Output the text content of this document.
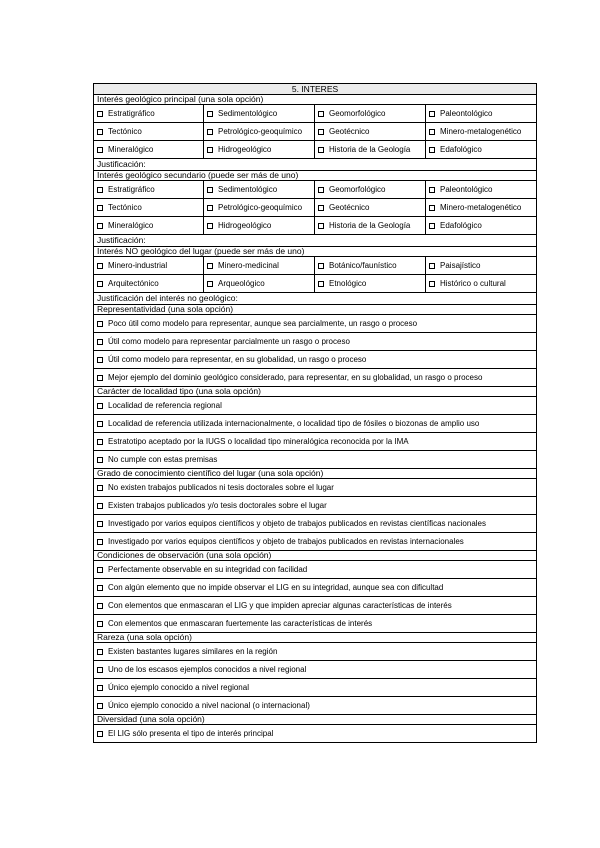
5. INTERES			
Interés geológico principal (una sola opción)			
Estratigráfico	Sedimentológico	Geomorfológico	Paleontológico
Tectónico	Petrológico-geoquímico	Geotécnico	Minero-metalogenético
Mineralógico	Hidrogeológico	Historia de la Geología	Edafológico
Justificación:			
Interés geológico secundario (puede ser más de uno)			
Estratigráfico	Sedimentológico	Geomorfológico	Paleontológico
Tectónico	Petrológico-geoquímico	Geotécnico	Minero-metalogenético
Mineralógico	Hidrogeológico	Historia de la Geología	Edafológico
Justificación:			
Interés NO geológico del lugar (puede ser más de uno)			
Minero-industrial	Minero-medicinal	Botánico/faunístico	Paisajístico
Arquitectónico	Arqueológico	Etnológico	Histórico o cultural
Justificación del interés no geológico:			
Representatividad (una sola opción)			
Poco útil como modelo para representar, aunque sea parcialmente, un rasgo o proceso			
Útil como modelo para representar parcialmente un rasgo o proceso			
Útil como modelo para representar, en su globalidad, un rasgo o proceso			
Mejor ejemplo del dominio geológico considerado, para representar, en su globalidad, un rasgo o proceso			
Carácter de localidad tipo (una sola opción)			
Localidad de referencia regional			
Localidad de referencia utilizada internacionalmente, o localidad tipo de fósiles o biozonas de amplio uso			
Estratotipo aceptado por la IUGS o localidad tipo mineralógica reconocida por la IMA			
No cumple con estas premisas			
Grado de conocimiento científico del lugar (una sola opción)			
No existen trabajos publicados ni tesis doctorales sobre el lugar			
Existen trabajos publicados y/o tesis doctorales sobre el lugar			
Investigado por varios equipos científicos y objeto de trabajos publicados en revistas científicas nacionales			
Investigado por varios equipos científicos y objeto de trabajos publicados en revistas internacionales			
Condiciones de observación (una sola opción)			
Perfectamente observable en su integridad con facilidad			
Con algún elemento que no impide observar el LIG en su integridad, aunque sea con dificultad			
Con elementos que enmascaran el LIG y que impiden apreciar algunas características de interés			
Con elementos que enmascaran fuertemente las características de interés			
Rareza (una sola opción)			
Existen bastantes lugares similares en la región			
Uno de los escasos ejemplos conocidos a nivel regional			
Único ejemplo conocido a nivel regional			
Único ejemplo conocido a nivel nacional (o internacional)			
Diversidad (una sola opción)			
El LIG sólo presenta el tipo de interés principal			
